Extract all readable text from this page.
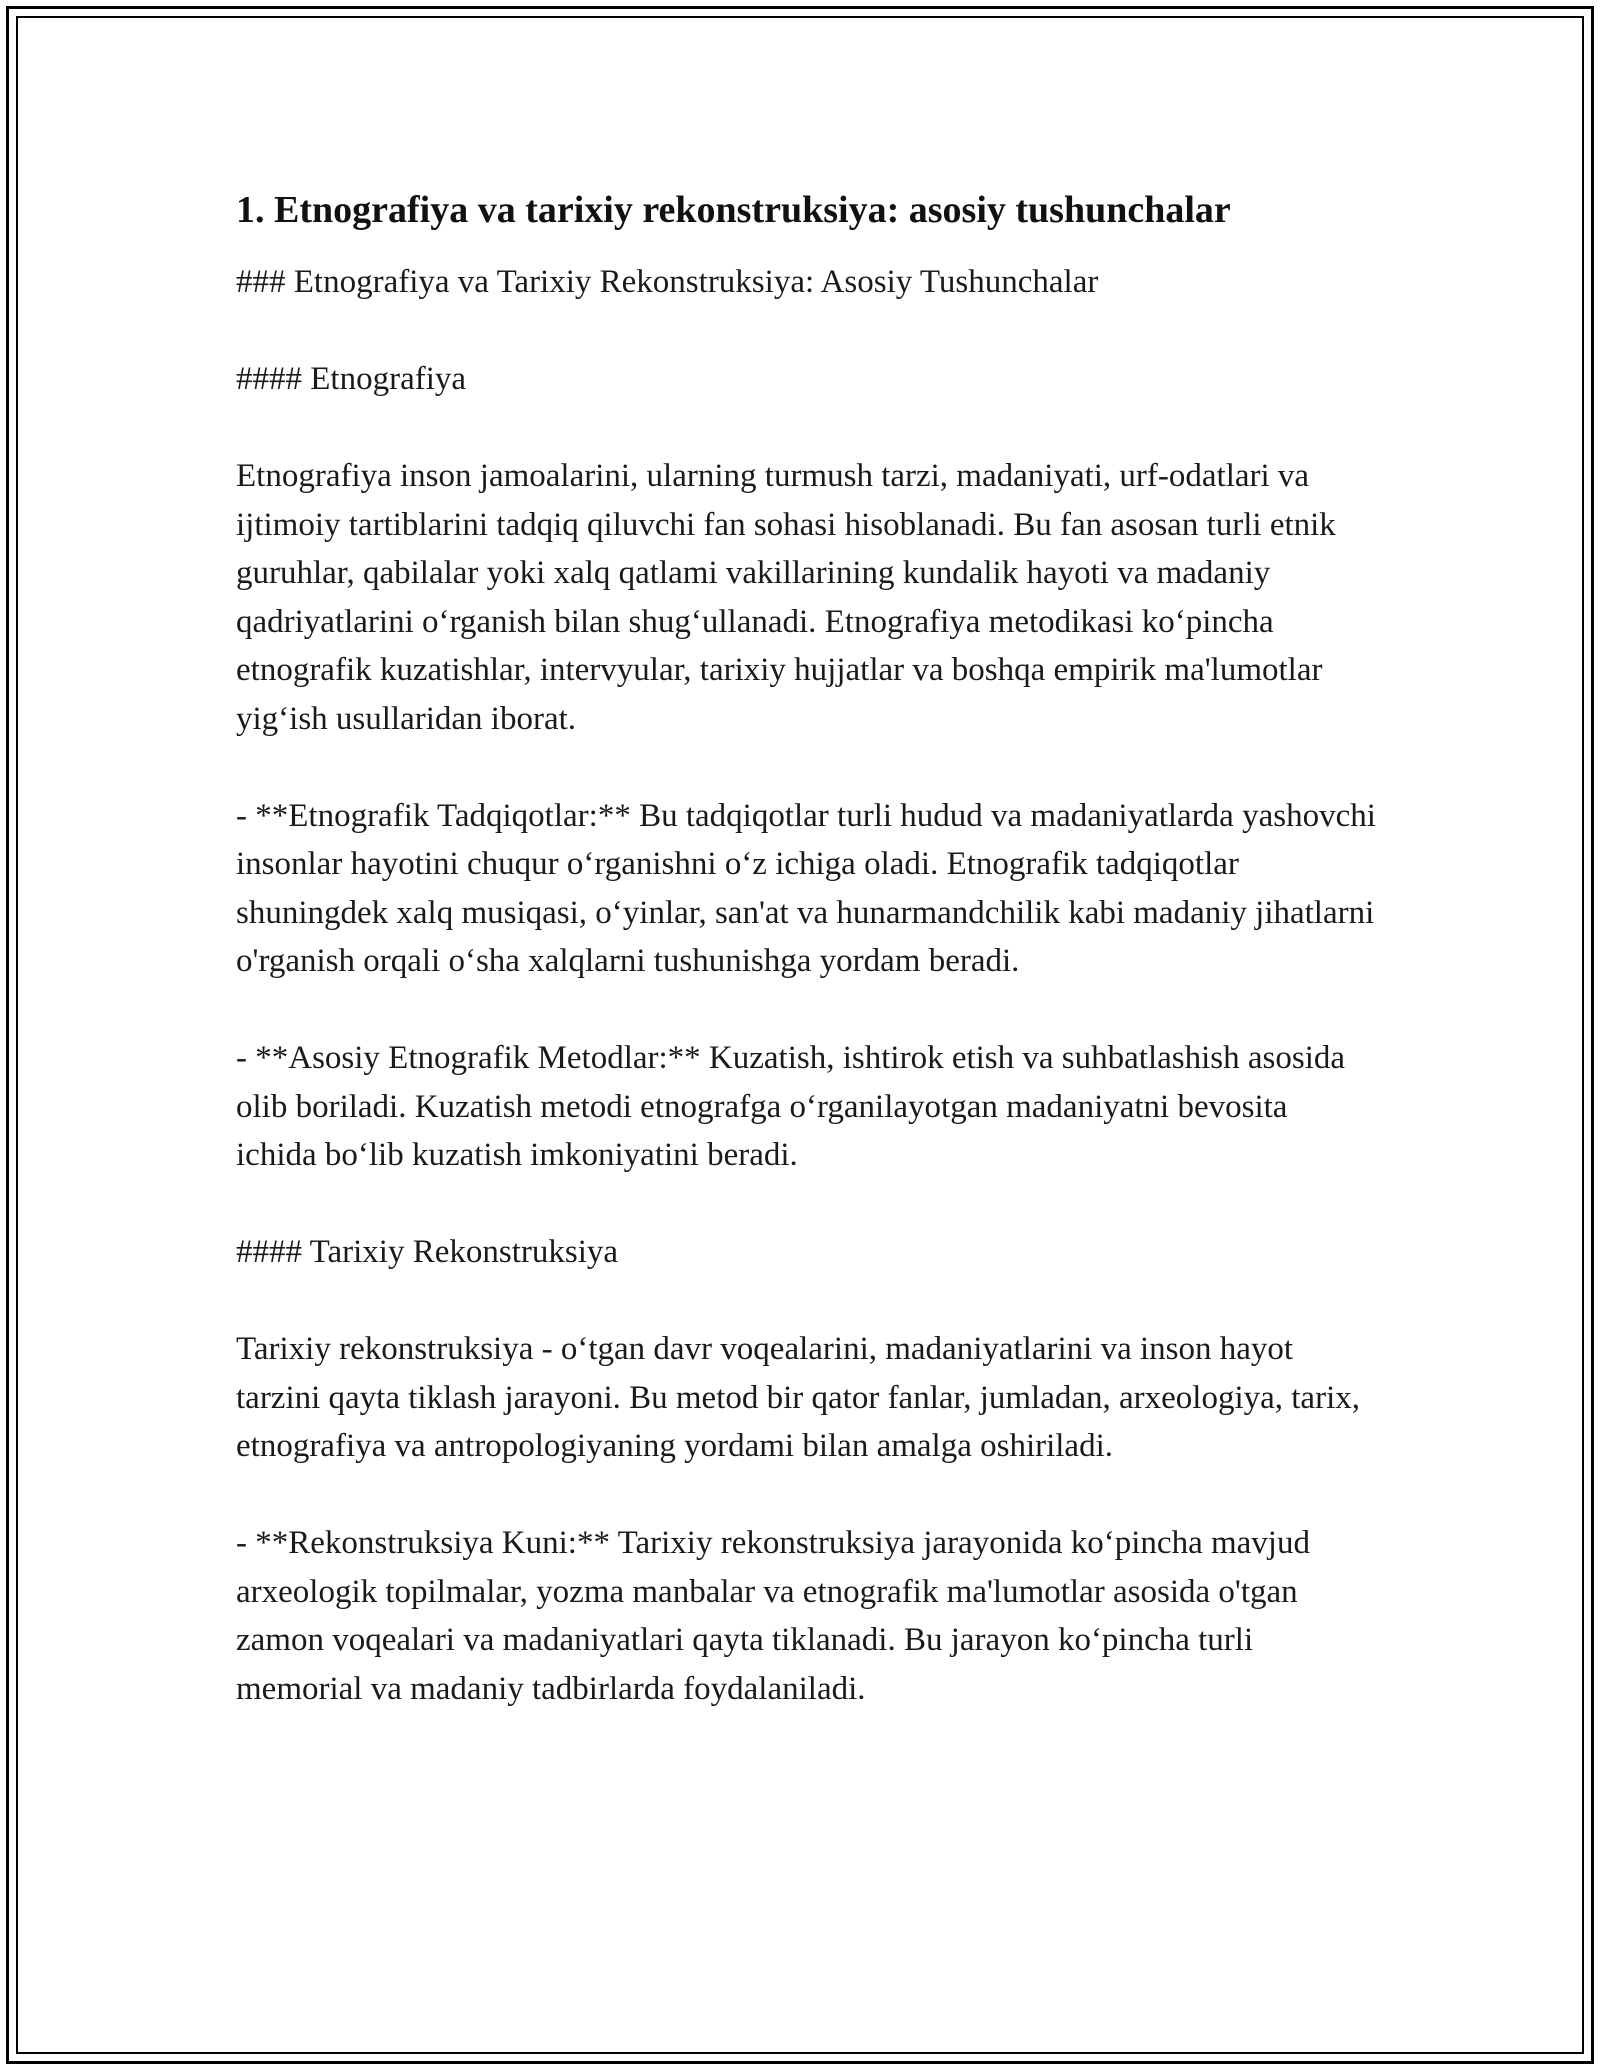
1. Etnografiya va tarixiy rekonstruksiya: asosiy tushunchalar
### Etnografiya va Tarixiy Rekonstruksiya: Asosiy Tushunchalar
#### Etnografiya
Etnografiya inson jamoalarini, ularning turmush tarzi, madaniyati, urf-odatlari va ijtimoiy tartiblarini tadqiq qiluvchi fan sohasi hisoblanadi. Bu fan asosan turli etnik guruhlar, qabilalar yoki xalq qatlami vakillarining kundalik hayoti va madaniy qadriyatlarini o‘rganish bilan shug‘ullanadi. Etnografiya metodikasi ko‘pincha etnografik kuzatishlar, intervyular, tarixiy hujjatlar va boshqa empirik ma'lumotlar yig‘ish usullaridan iborat.
- **Etnografik Tadqiqotlar:** Bu tadqiqotlar turli hudud va madaniyatlarda yashovchi insonlar hayotini chuqur o‘rganishni o‘z ichiga oladi. Etnografik tadqiqotlar shuningdek xalq musiqasi, o‘yinlar, san'at va hunarmandchilik kabi madaniy jihatlarni o'rganish orqali o‘sha xalqlarni tushunishga yordam beradi.
- **Asosiy Etnografik Metodlar:** Kuzatish, ishtirok etish va suhbatlashish asosida olib boriladi. Kuzatish metodi etnografga o‘rganilayotgan madaniyatni bevosita ichida bo‘lib kuzatish imkoniyatini beradi.
#### Tarixiy Rekonstruksiya
Tarixiy rekonstruksiya - o‘tgan davr voqealarini, madaniyatlarini va inson hayot tarzini qayta tiklash jarayoni. Bu metod bir qator fanlar, jumladan, arxeologiya, tarix, etnografiya va antropologiyaning yordami bilan amalga oshiriladi.
- **Rekonstruksiya Kuni:** Tarixiy rekonstruksiya jarayonida ko‘pincha mavjud arxeologik topilmalar, yozma manbalar va etnografik ma'lumotlar asosida o'tgan zamon voqealari va madaniyatlari qayta tiklanadi. Bu jarayon ko‘pincha turli memorial va madaniy tadbirlarda foydalaniladi.
